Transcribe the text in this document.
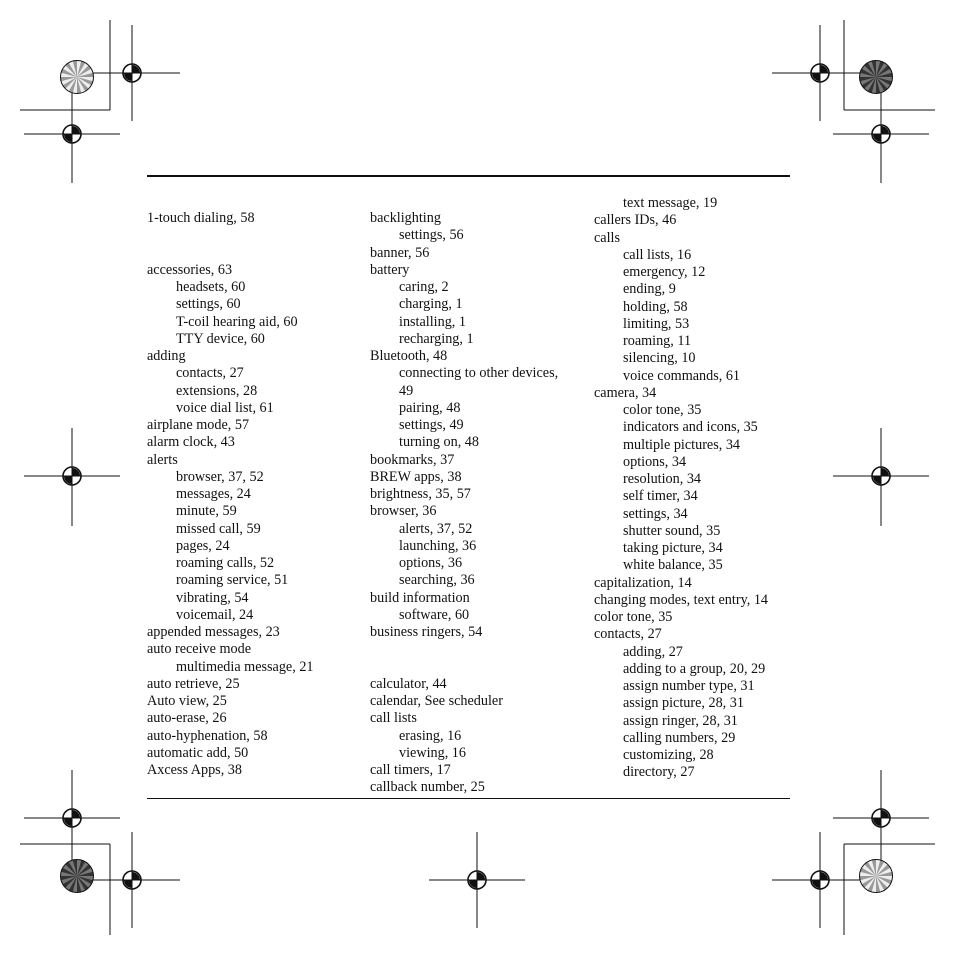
1-touch dialing, 58
accessories, 63
headsets, 60
settings, 60
T-coil hearing aid, 60
TTY device, 60
adding
contacts, 27
extensions, 28
voice dial list, 61
airplane mode, 57
alarm clock, 43
alerts
browser, 37, 52
messages, 24
minute, 59
missed call, 59
pages, 24
roaming calls, 52
roaming service, 51
vibrating, 54
voicemail, 24
appended messages, 23
auto receive mode
multimedia message, 21
auto retrieve, 25
Auto view, 25
auto-erase, 26
auto-hyphenation, 58
automatic add, 50
Axcess Apps, 38
backlighting
settings, 56
banner, 56
battery
caring, 2
charging, 1
installing, 1
recharging, 1
Bluetooth, 48
connecting to other devices,
49
pairing, 48
settings, 49
turning on, 48
bookmarks, 37
BREW apps, 38
brightness, 35, 57
browser, 36
alerts, 37, 52
launching, 36
options, 36
searching, 36
build information
software, 60
business ringers, 54
calculator, 44
calendar, See scheduler
call lists
erasing, 16
viewing, 16
call timers, 17
callback number, 25
text message, 19
callers IDs, 46
calls
call lists, 16
emergency, 12
ending, 9
holding, 58
limiting, 53
roaming, 11
silencing, 10
voice commands, 61
camera, 34
color tone, 35
indicators and icons, 35
multiple pictures, 34
options, 34
resolution, 34
self timer, 34
settings, 34
shutter sound, 35
taking picture, 34
white balance, 35
capitalization, 14
changing modes, text entry, 14
color tone, 35
contacts, 27
adding, 27
adding to a group, 20, 29
assign number type, 31
assign picture, 28, 31
assign ringer, 28, 31
calling numbers, 29
customizing, 28
directory, 27
